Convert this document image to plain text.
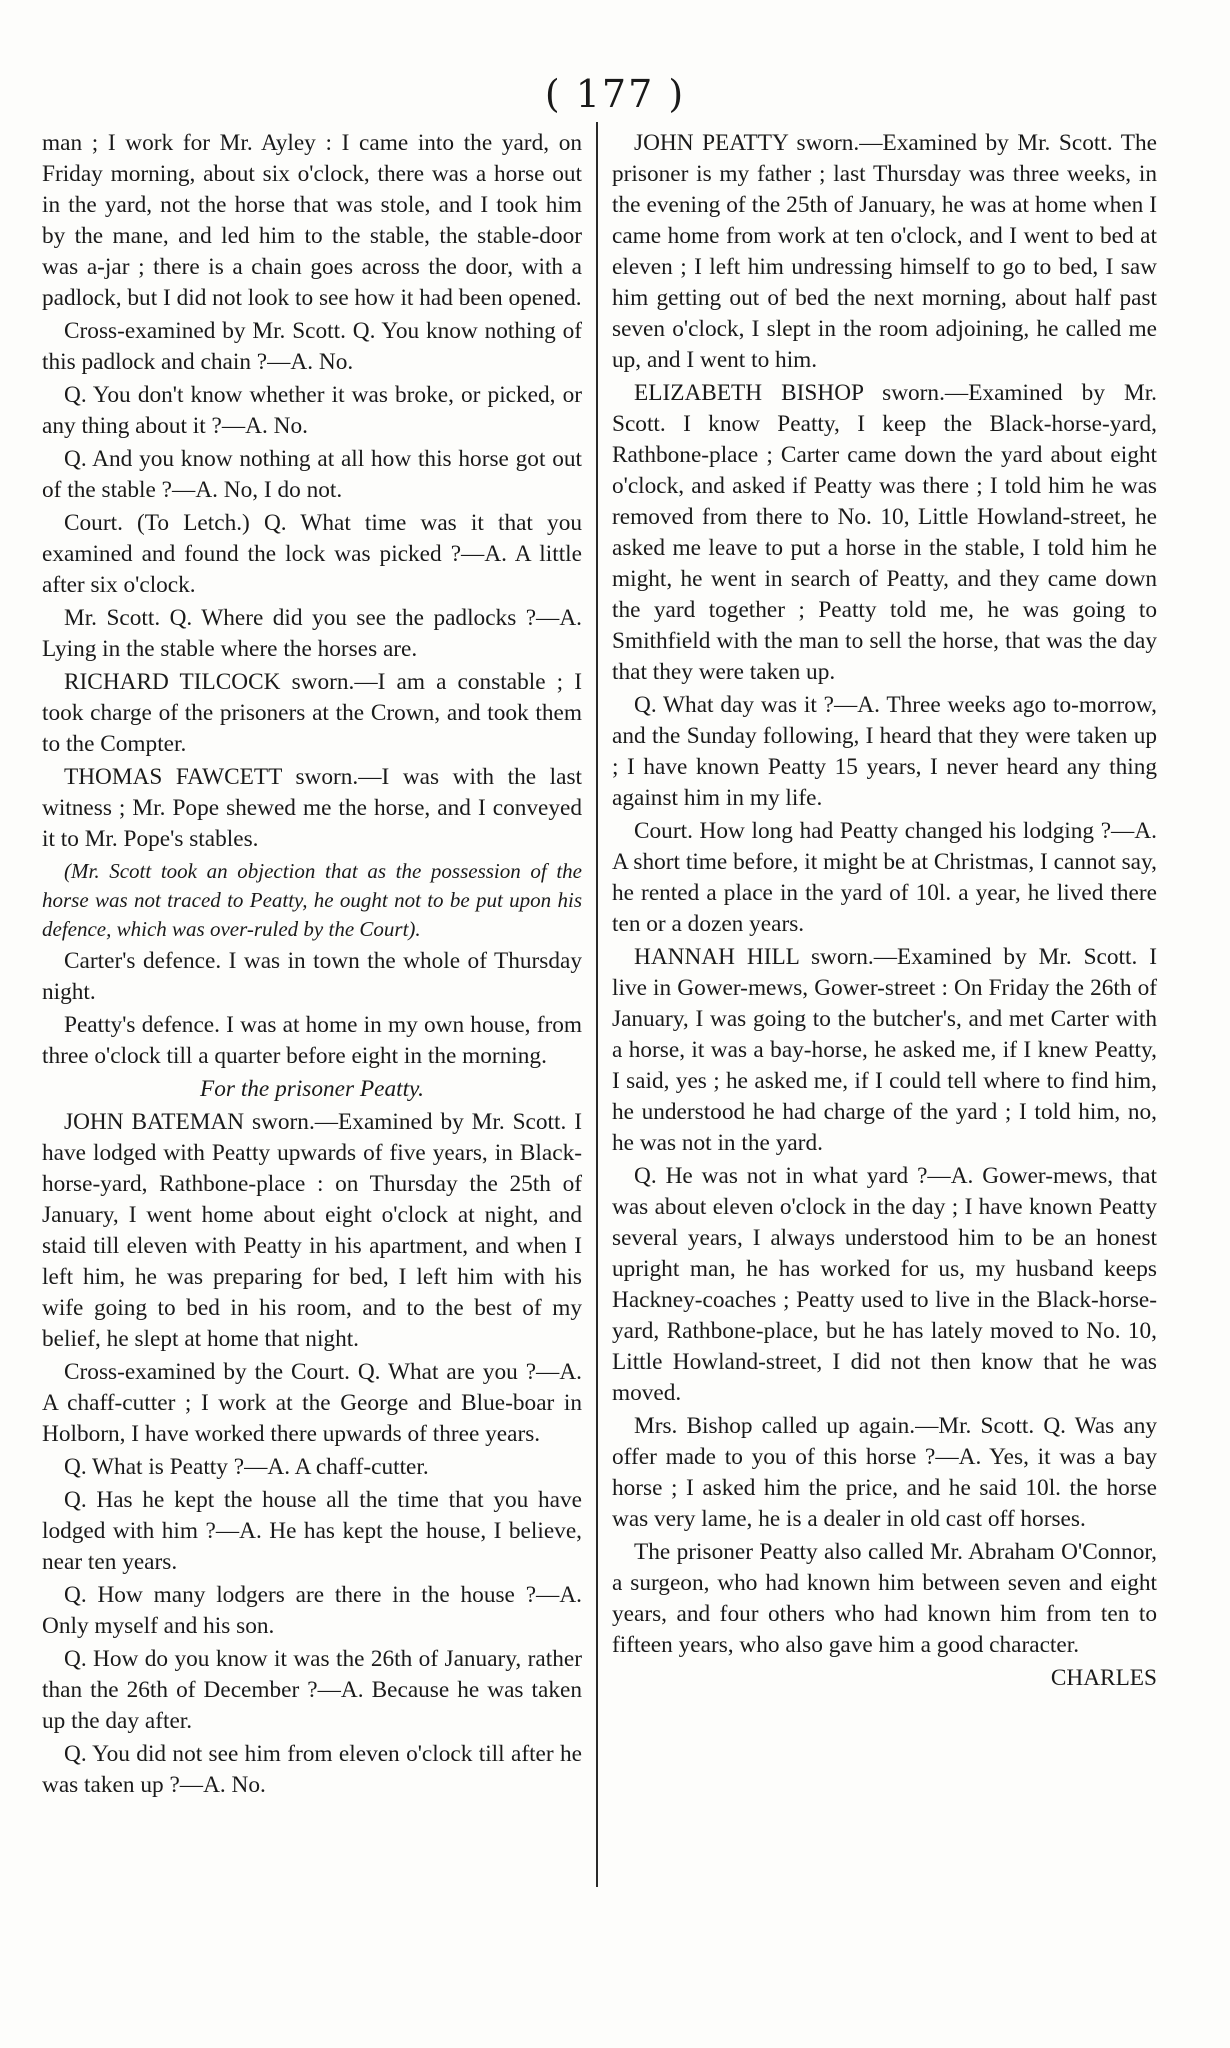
( 177 )

man ; I work for Mr. Ayley : I came into the yard, on Friday morning, about six o'clock, there was a horse out in the yard, not the horse that was stole, and I took him by the mane, and led him to the stable, the stable-door was a-jar ; there is a chain goes across the door, with a padlock, but I did not look to see how it had been opened.

Cross-examined by Mr. Scott. Q. You know nothing of this padlock and chain ?—A. No.

Q. You don't know whether it was broke, or picked, or any thing about it ?—A. No.

Q. And you know nothing at all how this horse got out of the stable ?—A. No, I do not.

Court. (To Letch.) Q. What time was it that you examined and found the lock was picked ?—A. A little after six o'clock.

Mr. Scott. Q. Where did you see the padlocks ?—A. Lying in the stable where the horses are.

RICHARD TILCOCK sworn.—I am a constable ; I took charge of the prisoners at the Crown, and took them to the Compter.

THOMAS FAWCETT sworn.—I was with the last witness ; Mr. Pope shewed me the horse, and I conveyed it to Mr. Pope's stables.

(Mr. Scott took an objection that as the possession of the horse was not traced to Peatty, he ought not to be put upon his defence, which was over-ruled by the Court).

Carter's defence. I was in town the whole of Thursday night.

Peatty's defence. I was at home in my own house, from three o'clock till a quarter before eight in the morning.

For the prisoner Peatty.

JOHN BATEMAN sworn.—Examined by Mr. Scott. I have lodged with Peatty upwards of five years, in Black-horse-yard, Rathbone-place : on Thursday the 25th of January, I went home about eight o'clock at night, and staid till eleven with Peatty in his apartment, and when I left him, he was preparing for bed, I left him with his wife going to bed in his room, and to the best of my belief, he slept at home that night.

Cross-examined by the Court. Q. What are you ?—A. A chaff-cutter ; I work at the George and Blue-boar in Holborn, I have worked there upwards of three years.

Q. What is Peatty ?—A. A chaff-cutter.

Q. Has he kept the house all the time that you have lodged with him ?—A. He has kept the house, I believe, near ten years.

Q. How many lodgers are there in the house ?—A. Only myself and his son.

Q. How do you know it was the 26th of January, rather than the 26th of December ?—A. Because he was taken up the day after.

Q. You did not see him from eleven o'clock till after he was taken up ?—A. No.

JOHN PEATTY sworn.—Examined by Mr. Scott. The prisoner is my father ; last Thursday was three weeks, in the evening of the 25th of January, he was at home when I came home from work at ten o'clock, and I went to bed at eleven ; I left him undressing himself to go to bed, I saw him getting out of bed the next morning, about half past seven o'clock, I slept in the room adjoining, he called me up, and I went to him.

ELIZABETH BISHOP sworn.—Examined by Mr. Scott. I know Peatty, I keep the Black-horse-yard, Rathbone-place ; Carter came down the yard about eight o'clock, and asked if Peatty was there ; I told him he was removed from there to No. 10, Little Howland-street, he asked me leave to put a horse in the stable, I told him he might, he went in search of Peatty, and they came down the yard together ; Peatty told me, he was going to Smithfield with the man to sell the horse, that was the day that they were taken up.

Q. What day was it ?—A. Three weeks ago to-morrow, and the Sunday following, I heard that they were taken up ; I have known Peatty 15 years, I never heard any thing against him in my life.

Court. How long had Peatty changed his lodging ?—A. A short time before, it might be at Christmas, I cannot say, he rented a place in the yard of 10l. a year, he lived there ten or a dozen years.

HANNAH HILL sworn.—Examined by Mr. Scott. I live in Gower-mews, Gower-street : On Friday the 26th of January, I was going to the butcher's, and met Carter with a horse, it was a bay-horse, he asked me, if I knew Peatty, I said, yes ; he asked me, if I could tell where to find him, he understood he had charge of the yard ; I told him, no, he was not in the yard.

Q. He was not in what yard ?—A. Gower-mews, that was about eleven o'clock in the day ; I have known Peatty several years, I always understood him to be an honest upright man, he has worked for us, my husband keeps Hackney-coaches ; Peatty used to live in the Black-horse-yard, Rathbone-place, but he has lately moved to No. 10, Little Howland-street, I did not then know that he was moved.

Mrs. Bishop called up again.—Mr. Scott. Q. Was any offer made to you of this horse ?—A. Yes, it was a bay horse ; I asked him the price, and he said 10l. the horse was very lame, he is a dealer in old cast off horses.

The prisoner Peatty also called Mr. Abraham O'Connor, a surgeon, who had known him between seven and eight years, and four others who had known him from ten to fifteen years, who also gave him a good character.

CHARLES
